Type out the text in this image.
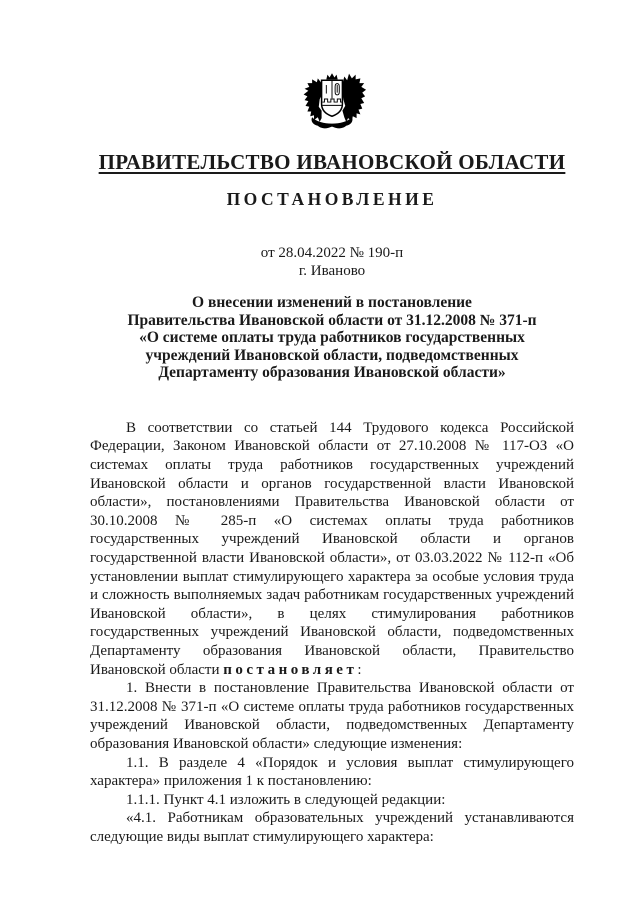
ПРАВИТЕЛЬСТВО ИВАНОВСКОЙ ОБЛАСТИ
ПОСТАНОВЛЕНИЕ
от 28.04.2022 № 190-п
г. Иваново
О внесении изменений в постановление
Правительства Ивановской области от 31.12.2008 № 371-п
«О системе оплаты труда работников государственных
учреждений Ивановской области, подведомственных
Департаменту образования Ивановской области»

В соответствии со статьей 144 Трудового кодекса Российской Федерации, Законом Ивановской области от 27.10.2008 № 117-ОЗ «О системах оплаты труда работников государственных учреждений Ивановской области и органов государственной власти Ивановской области», постановлениями Правительства Ивановской области от 30.10.2008 № 285-п «О системах оплаты труда работников государственных учреждений Ивановской области и органов государственной власти Ивановской области», от 03.03.2022 № 112-п «Об установлении выплат стимулирующего характера за особые условия труда и сложность выполняемых задач работникам государственных учреждений Ивановской области», в целях стимулирования работников государственных учреждений Ивановской области, подведомственных Департаменту образования Ивановской области, Правительство Ивановской области постановляет:

1. Внести в постановление Правительства Ивановской области от 31.12.2008 № 371-п «О системе оплаты труда работников государственных учреждений Ивановской области, подведомственных Департаменту образования Ивановской области» следующие изменения:

1.1. В разделе 4 «Порядок и условия выплат стимулирующего характера» приложения 1 к постановлению:

1.1.1. Пункт 4.1 изложить в следующей редакции:

«4.1. Работникам образовательных учреждений устанавливаются следующие виды выплат стимулирующего характера:
